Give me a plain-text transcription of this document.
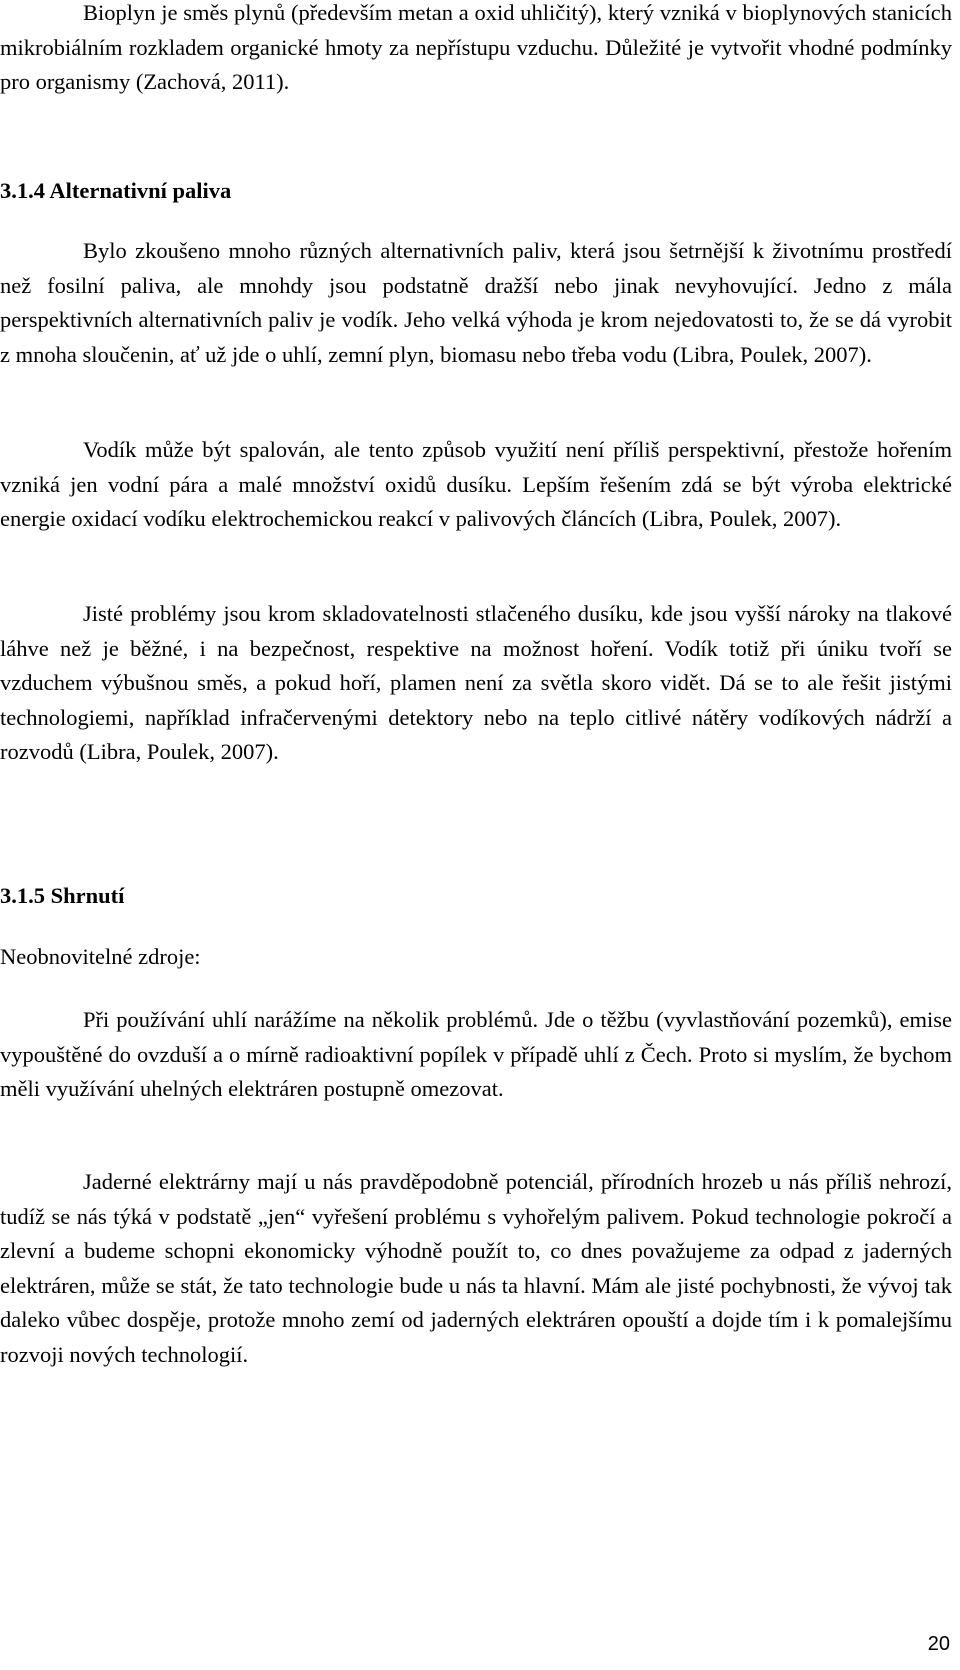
Bioplyn je směs plynů (především metan a oxid uhličitý), který vzniká v bioplynových stanicích mikrobiálním rozkladem organické hmoty za nepřístupu vzduchu. Důležité je vytvořit vhodné podmínky pro organismy (Zachová, 2011).

3.1.4 Alternativní paliva

Bylo zkoušeno mnoho různých alternativních paliv, která jsou šetrnější k životnímu prostředí než fosilní paliva, ale mnohdy jsou podstatně dražší nebo jinak nevyhovující. Jedno z mála perspektivních alternativních paliv je vodík. Jeho velká výhoda je krom nejedovatosti to, že se dá vyrobit z mnoha sloučenin, ať už jde o uhlí, zemní plyn, biomasu nebo třeba vodu (Libra, Poulek, 2007).

Vodík může být spalován, ale tento způsob využití není příliš perspektivní, přestože hořením vzniká jen vodní pára a malé množství oxidů dusíku. Lepším řešením zdá se být výroba elektrické energie oxidací vodíku elektrochemickou reakcí v palivových článcích (Libra, Poulek, 2007).

Jisté problémy jsou krom skladovatelnosti stlačeného dusíku, kde jsou vyšší nároky na tlakové láhve než je běžné, i na bezpečnost, respektive na možnost hoření. Vodík totiž při úniku tvoří se vzduchem výbušnou směs, a pokud hoří, plamen není za světla skoro vidět. Dá se to ale řešit jistými technologiemi, například infračervenými detektory nebo na teplo citlivé nátěry vodíkových nádrží a rozvodů (Libra, Poulek, 2007).

3.1.5 Shrnutí
Neobnovitelné zdroje:

Při používání uhlí narážíme na několik problémů. Jde o těžbu (vyvlastňování pozemků), emise vypouštěné do ovzduší a o mírně radioaktivní popílek v případě uhlí z Čech. Proto si myslím, že bychom měli využívání uhelných elektráren postupně omezovat.

Jaderné elektrárny mají u nás pravděpodobně potenciál, přírodních hrozeb u nás příliš nehrozí, tudíž se nás týká v podstatě „jen“ vyřešení problému s vyhořelým palivem. Pokud technologie pokročí a zlevní a budeme schopni ekonomicky výhodně použít to, co dnes považujeme za odpad z jaderných elektráren, může se stát, že tato technologie bude u nás ta hlavní. Mám ale jisté pochybnosti, že vývoj tak daleko vůbec dospěje, protože mnoho zemí od jaderných elektráren opouští a dojde tím i k pomalejšímu rozvoji nových technologií.

20
